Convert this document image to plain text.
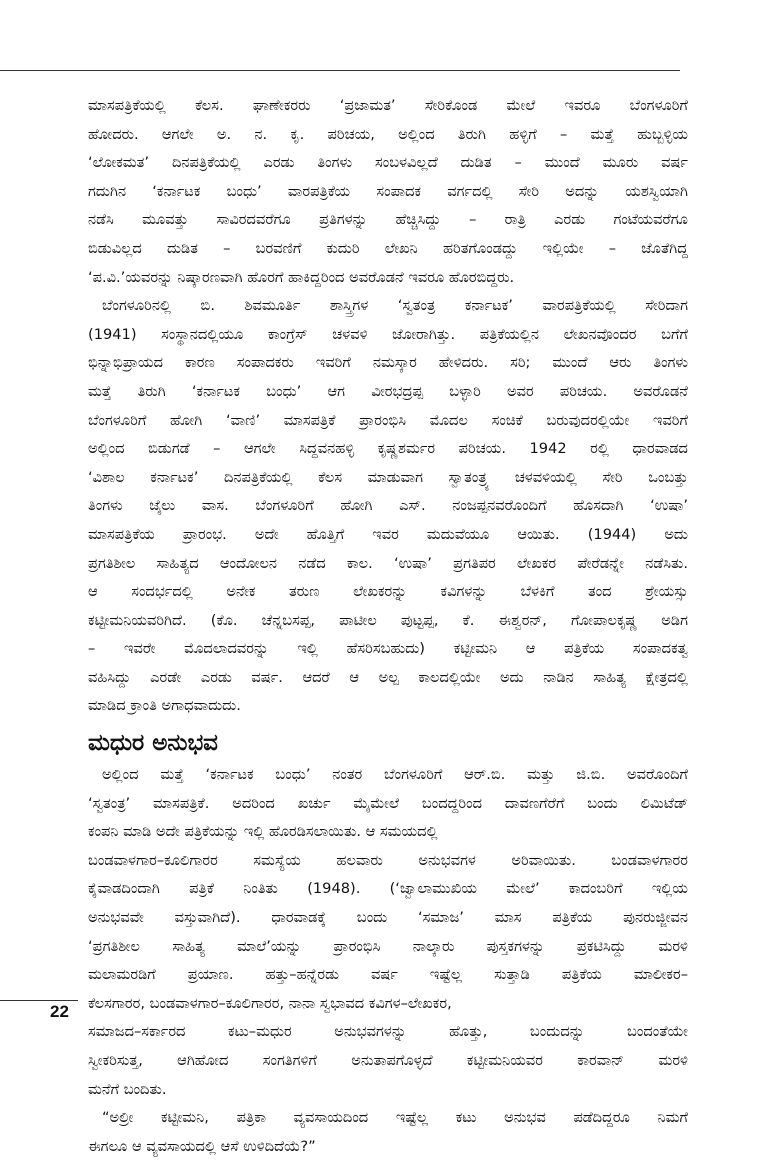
ಮಾಸಪತ್ರಿಕೆಯಲ್ಲಿ ಕೆಲಸ. ಘಾಣೇಕರರು ‘ಪ್ರಜಾಮತ’ ಸೇರಿಕೊಂಡ ಮೇಲೆ ಇವರೂ ಬೆಂಗಳೂರಿಗೆ
ಹೋದರು. ಆಗಲೇ ಅ. ನ. ಕೃ. ಪರಿಚಯ, ಅಲ್ಲಿಂದ ತಿರುಗಿ ಹಳ್ಳಿಗೆ – ಮತ್ತೆ ಹುಬ್ಬಳ್ಳಿಯ
‘ಲೋಕಮತ’ ದಿನಪತ್ರಿಕೆಯಲ್ಲಿ ಎರಡು ತಿಂಗಳು ಸಂಬಳವಿಲ್ಲದೆ ದುಡಿತ – ಮುಂದೆ ಮೂರು ವರ್ಷ
ಗದುಗಿನ ‘ಕರ್ನಾಟಕ ಬಂಧು’ ವಾರಪತ್ರಿಕೆಯ ಸಂಪಾದಕ ವರ್ಗದಲ್ಲಿ ಸೇರಿ ಅದನ್ನು ಯಶಸ್ವಿಯಾಗಿ
ನಡೆಸಿ ಮೂವತ್ತು ಸಾವಿರದವರೆಗೂ ಪ್ರತಿಗಳನ್ನು ಹೆಚ್ಚಿಸಿದ್ದು – ರಾತ್ರಿ ಎರಡು ಗಂಟೆಯವರೆಗೂ
ಬಿಡುವಿಲ್ಲದ ದುಡಿತ – ಬರವಣಿಗೆ ಕುದುರಿ ಲೇಖನಿ ಹರಿತಗೊಂಡದ್ದು ಇಲ್ಲಿಯೇ – ಜೊತೆಗಿದ್ದ
‘ಪ.ವಿ.’ಯವರನ್ನು ನಿಷ್ಕಾರಣವಾಗಿ ಹೊರಗೆ ಹಾಕಿದ್ದರಿಂದ ಅವರೊಡನೆ ಇವರೂ ಹೊರಬಿದ್ದರು.
ಬೆಂಗಳೂರಿನಲ್ಲಿ ಬಿ. ಶಿವಮೂರ್ತಿ ಶಾಸ್ತ್ರಿಗಳ ‘ಸ್ವತಂತ್ರ ಕರ್ನಾಟಕ’ ವಾರಪತ್ರಿಕೆಯಲ್ಲಿ ಸೇರಿದಾಗ
(1941) ಸಂಸ್ಥಾನದಲ್ಲಿಯೂ ಕಾಂಗ್ರೆಸ್ ಚಳವಳಿ ಜೋರಾಗಿತ್ತು. ಪತ್ರಿಕೆಯಲ್ಲಿನ ಲೇಖನವೊಂದರ ಬಗೆಗೆ
ಭಿನ್ನಾಭಿಪ್ರಾಯದ ಕಾರಣ ಸಂಪಾದಕರು ಇವರಿಗೆ ನಮಸ್ಕಾರ ಹೇಳಿದರು. ಸರಿ; ಮುಂದೆ ಆರು ತಿಂಗಳು
ಮತ್ತೆ ತಿರುಗಿ ‘ಕರ್ನಾಟಕ ಬಂಧು’ ಆಗ ವೀರಭದ್ರಪ್ಪ ಬಳ್ಳಾರಿ ಅವರ ಪರಿಚಯ. ಅವರೊಡನೆ
ಬೆಂಗಳೂರಿಗೆ ಹೋಗಿ ‘ವಾಣಿ’ ಮಾಸಪತ್ರಿಕೆ ಪ್ರಾರಂಭಿಸಿ ಮೊದಲ ಸಂಚಿಕೆ ಬರುವುದರಲ್ಲಿಯೇ ಇವರಿಗೆ
ಅಲ್ಲಿಂದ ಬಿಡುಗಡೆ – ಆಗಲೇ ಸಿದ್ದವನಹಳ್ಳಿ ಕೃಷ್ಣಶರ್ಮರ ಪರಿಚಯ. 1942 ರಲ್ಲಿ ಧಾರವಾಡದ
‘ವಿಶಾಲ ಕರ್ನಾಟಕ’ ದಿನಪತ್ರಿಕೆಯಲ್ಲಿ ಕೆಲಸ ಮಾಡುವಾಗ ಸ್ವಾತಂತ್ರ್ಯ ಚಳವಳಿಯಲ್ಲಿ ಸೇರಿ ಒಂಬತ್ತು
ತಿಂಗಳು ಜೈಲು ವಾಸ. ಬೆಂಗಳೂರಿಗೆ ಹೋಗಿ ಎಸ್. ನಂಜಪ್ಪನವರೊಂದಿಗೆ ಹೊಸದಾಗಿ ‘ಉಷಾ’
ಮಾಸಪತ್ರಿಕೆಯ ಪ್ರಾರಂಭ. ಅದೇ ಹೊತ್ತಿಗೆ ಇವರ ಮದುವೆಯೂ ಆಯಿತು. (1944) ಅದು
ಪ್ರಗತಿಶೀಲ ಸಾಹಿತ್ಯದ ಆಂದೋಲನ ನಡೆದ ಕಾಲ. ‘ಉಷಾ’ ಪ್ರಗತಿಪರ ಲೇಖಕರ ಪೇರೆಡನ್ನೇ ನಡೆಸಿತು.
ಆ ಸಂದರ್ಭದಲ್ಲಿ ಅನೇಕ ತರುಣ ಲೇಖಕರನ್ನು ಕವಿಗಳನ್ನು ಬೆಳಕಿಗೆ ತಂದ ಶ್ರೇಯಸ್ಸು
ಕಟ್ಟೀಮನಿಯವರಿಗಿದೆ. (ಕೊ. ಚೆನ್ನಬಸಪ್ಪ, ಪಾಟೀಲ ಪುಟ್ಟಪ್ಪ, ಕೆ. ಈಶ್ವರನ್, ಗೋಪಾಲಕೃಷ್ಣ ಅಡಿಗ
– ಇವರೇ ಮೊದಲಾದವರನ್ನು ಇಲ್ಲಿ ಹೆಸರಿಸಬಹುದು) ಕಟ್ಟೀಮನಿ ಆ ಪತ್ರಿಕೆಯ ಸಂಪಾದಕತ್ವ
ವಹಿಸಿದ್ದು ಎರಡೇ ಎರಡು ವರ್ಷ. ಆದರೆ ಆ ಅಲ್ಪ ಕಾಲದಲ್ಲಿಯೇ ಅದು ನಾಡಿನ ಸಾಹಿತ್ಯ ಕ್ಷೇತ್ರದಲ್ಲಿ
ಮಾಡಿದ ಕ್ರಾಂತಿ ಅಗಾಧವಾದುದು.
ಮಧುರ ಅನುಭವ
ಅಲ್ಲಿಂದ ಮತ್ತೆ ‘ಕರ್ನಾಟಕ ಬಂಧು’ ನಂತರ ಬೆಂಗಳೂರಿಗೆ ಆರ್.ಬಿ. ಮತ್ತು ಜಿ.ಬಿ. ಅವರೊಂದಿಗೆ
‘ಸ್ವತಂತ್ರ’ ಮಾಸಪತ್ರಿಕೆ. ಅದರಿಂದ ಖರ್ಚು ಮೈಮೇಲೆ ಬಂದದ್ದರಿಂದ ದಾವಣಗೆರೆಗೆ ಬಂದು ಲಿಮಿಟೆಡ್
ಕಂಪನಿ ಮಾಡಿ ಅದೇ ಪತ್ರಿಕೆಯನ್ನು ಇಲ್ಲಿ ಹೊರಡಿಸಲಾಯಿತು. ಆ ಸಮಯದಲ್ಲಿ
ಬಂಡವಾಳಗಾರ–ಕೂಲಿಗಾರರ ಸಮಸ್ಯೆಯ ಹಲವಾರು ಅನುಭವಗಳ ಅರಿವಾಯಿತು. ಬಂಡವಾಳಗಾರರ
ಕೈವಾಡದಿಂದಾಗಿ ಪತ್ರಿಕೆ ನಿಂತಿತು (1948). (‘ಜ್ವಾಲಾಮುಖಿಯ ಮೇಲೆ’ ಕಾದಂಬರಿಗೆ ಇಲ್ಲಿಯ
ಅನುಭವವೇ ವಸ್ತುವಾಗಿದೆ). ಧಾರವಾಡಕ್ಕೆ ಬಂದು ‘ಸಮಾಜ’ ಮಾಸ ಪತ್ರಿಕೆಯ ಪುನರುಜ್ಜೀವನ
‘ಪ್ರಗತಿಶೀಲ ಸಾಹಿತ್ಯ ಮಾಲೆ’ಯನ್ನು ಪ್ರಾರಂಭಿಸಿ ನಾಲ್ಕಾರು ಪುಸ್ತಕಗಳನ್ನು ಪ್ರಕಟಿಸಿದ್ದು ಮರಳಿ
ಮಲಾಮರಡಿಗೆ ಪ್ರಯಾಣ. ಹತ್ತು–ಹನ್ನೆರಡು ವರ್ಷ ಇಷ್ಟೆಲ್ಲ ಸುತ್ತಾಡಿ ಪತ್ರಿಕೆಯ ಮಾಲೀಕರ–
ಕೆಲಸಗಾರರ, ಬಂಡವಾಳಗಾರ–ಕೂಲಿಗಾರರ, ನಾನಾ ಸ್ವಭಾವದ ಕವಿಗಳ–ಲೇಖಕರ,
ಸಮಾಜದ–ಸರ್ಕಾರದ ಕಟು–ಮಧುರ ಅನುಭವಗಳನ್ನು ಹೊತ್ತು, ಬಂದುದನ್ನು ಬಂದಂತೆಯೇ
ಸ್ವೀಕರಿಸುತ್ತ, ಆಗಿಹೋದ ಸಂಗತಿಗಳಿಗೆ ಅನುತಾಪಗೊಳ್ಳದೆ ಕಟ್ಟೀಮನಿಯವರ ಕಾರವಾನ್ ಮರಳಿ
ಮನೆಗೆ ಬಂದಿತು.
“ಅಲ್ರೀ ಕಟ್ಟೀಮನಿ, ಪತ್ರಿಕಾ ವ್ಯವಸಾಯದಿಂದ ಇಷ್ಟೆಲ್ಲ ಕಟು ಅನುಭವ ಪಡೆದಿದ್ದರೂ ನಿಮಗೆ
ಈಗಲೂ ಆ ವ್ಯವಸಾಯದಲ್ಲಿ ಆಸೆ ಉಳಿದಿದೆಯೆ?”
22
